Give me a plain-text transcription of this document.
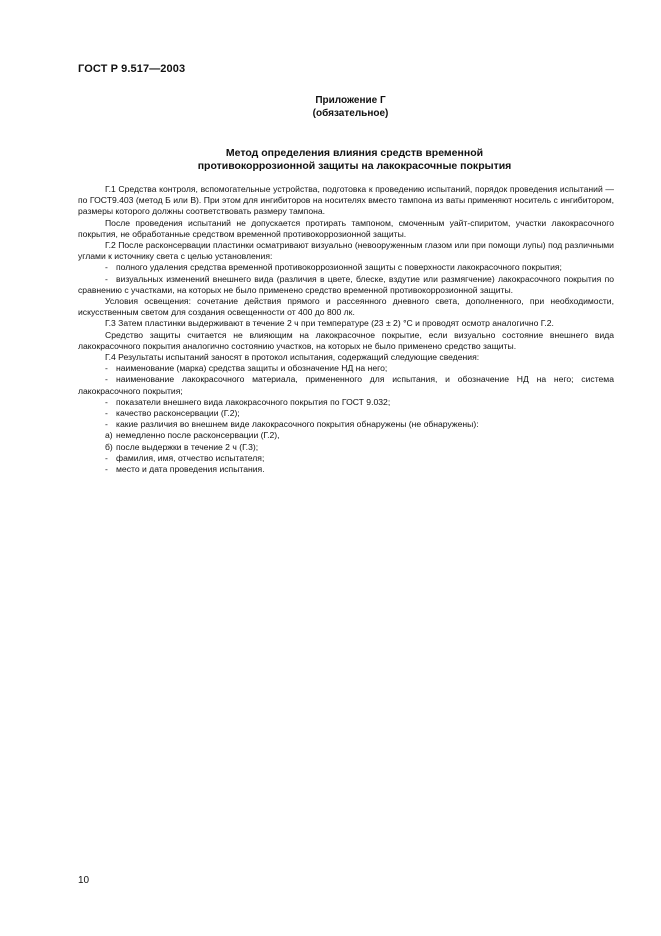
ГОСТ Р 9.517—2003
Приложение Г
(обязательное)
Метод определения влияния средств временной
противокоррозионной защиты на лакокрасочные покрытия

Г.1 Средства контроля, вспомогательные устройства, подготовка к проведению испытаний, порядок проведения испытаний — по ГОСТ9.403 (метод Б или В). При этом для ингибиторов на носителях вместо тампона из ваты применяют носитель с ингибитором, размеры которого должны соответствовать размеру тампона.

После проведения испытаний не допускается протирать тампоном, смоченным уайт-спиритом, участки лакокрасочного покрытия, не обработанные средством временной противокоррозионной защиты.

Г.2 После расконсервации пластинки осматривают визуально (невооруженным глазом или при помощи лупы) под различными углами к источнику света с целью установления:

- полного удаления средства временной противокоррозионной защиты с поверхности лакокрасочного покрытия;

- визуальных изменений внешнего вида (различия в цвете, блеске, вздутие или размягчение) лакокрасочного покрытия по сравнению с участками, на которых не было применено средство временной противокоррозионной защиты.

Условия освещения: сочетание действия прямого и рассеянного дневного света, дополненного, при необходимости, искусственным светом для создания освещенности от 400 до 800 лк.

Г.3 Затем пластинки выдерживают в течение 2 ч при температуре (23 ± 2) °С и проводят осмотр аналогично Г.2.

Средство защиты считается не влияющим на лакокрасочное покрытие, если визуально состояние внешнего вида лакокрасочного покрытия аналогично состоянию участков, на которых не было применено средство защиты.

Г.4 Результаты испытаний заносят в протокол испытания, содержащий следующие сведения:

- наименование (марка) средства защиты и обозначение НД на него;

- наименование лакокрасочного материала, примененного для испытания, и обозначение НД на него; система лакокрасочного покрытия;

- показатели внешнего вида лакокрасочного покрытия по ГОСТ 9.032;

- качество расконсервации (Г.2);

- какие различия во внешнем виде лакокрасочного покрытия обнаружены (не обнаружены):

а) немедленно после расконсервации (Г.2),

б) после выдержки в течение 2 ч (Г.3);

- фамилия, имя, отчество испытателя;

- место и дата проведения испытания.

10
